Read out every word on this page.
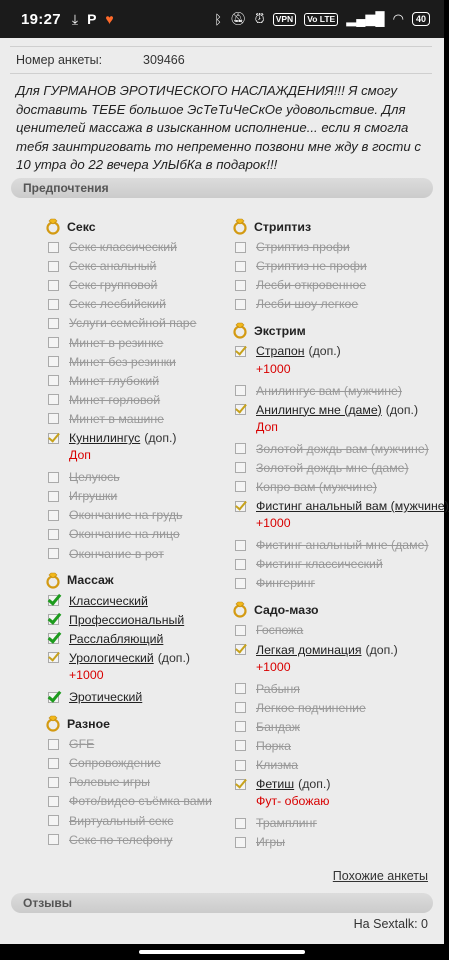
19:27 ⤓ Р ♥	ᛒ 🔕︎ ⏰︎	VPN	Vo LTE ▂▄▆█ ◠	40
Номер анкеты:	309466

Для ГУРМАНОВ ЭРОТИЧЕСКОГО НАСЛАЖДЕНИЯ!!! Я смогу доставить ТЕБЕ большое ЭсТеТиЧеСкОе удовольствие. Для ценителей массажа в изысканном исполнение... если я смогла тебя заинтриговать то непременно позвони мне жду в гости с 10 утра до 22 вечера УлЫбКа в подарок!!!

Предпочтения
Секс
Секс классический
Секс анальный
Секс групповой
Секс лесбийский
Услуги семейной паре
Минет в резинке
Минет без резинки
Минет глубокий
Минет горловой
Минет в машине
Куннилингус (доп.)
Доп
Целуюсь
Игрушки
Окончание на грудь
Окончание на лицо
Окончание в рот
Массаж
Классический
Профессиональный
Расслабляющий
Урологический (доп.)
+1000
Эротический
Разное
GFE
Сопровождение
Ролевые игры
Фото/видео съёмка вами
Виртуальный секс
Секс по телефону
Стриптиз
Стриптиз профи
Стриптиз не профи
Лесби откровенное
Лесби шоу легкое
Экстрим
Страпон (доп.)
+1000
Анилингус вам (мужчине)
Анилингус мне (даме) (доп.)
Доп
Золотой дождь вам (мужчине)
Золотой дождь мне (даме)
Копро вам (мужчине)
Фистинг анальный вам (мужчине)
+1000
Фистинг анальный мне (даме)
Фистинг классический
Фингеринг
Садо-мазо
Госпожа
Легкая доминация (доп.)
+1000
Рабыня
Легкое подчинение
Бандаж
Порка
Клизма
Фетиш (доп.)
Фут- обожаю
Трамплинг
Игры
Похожие анкеты
Отзывы
На Sextalk: 0
